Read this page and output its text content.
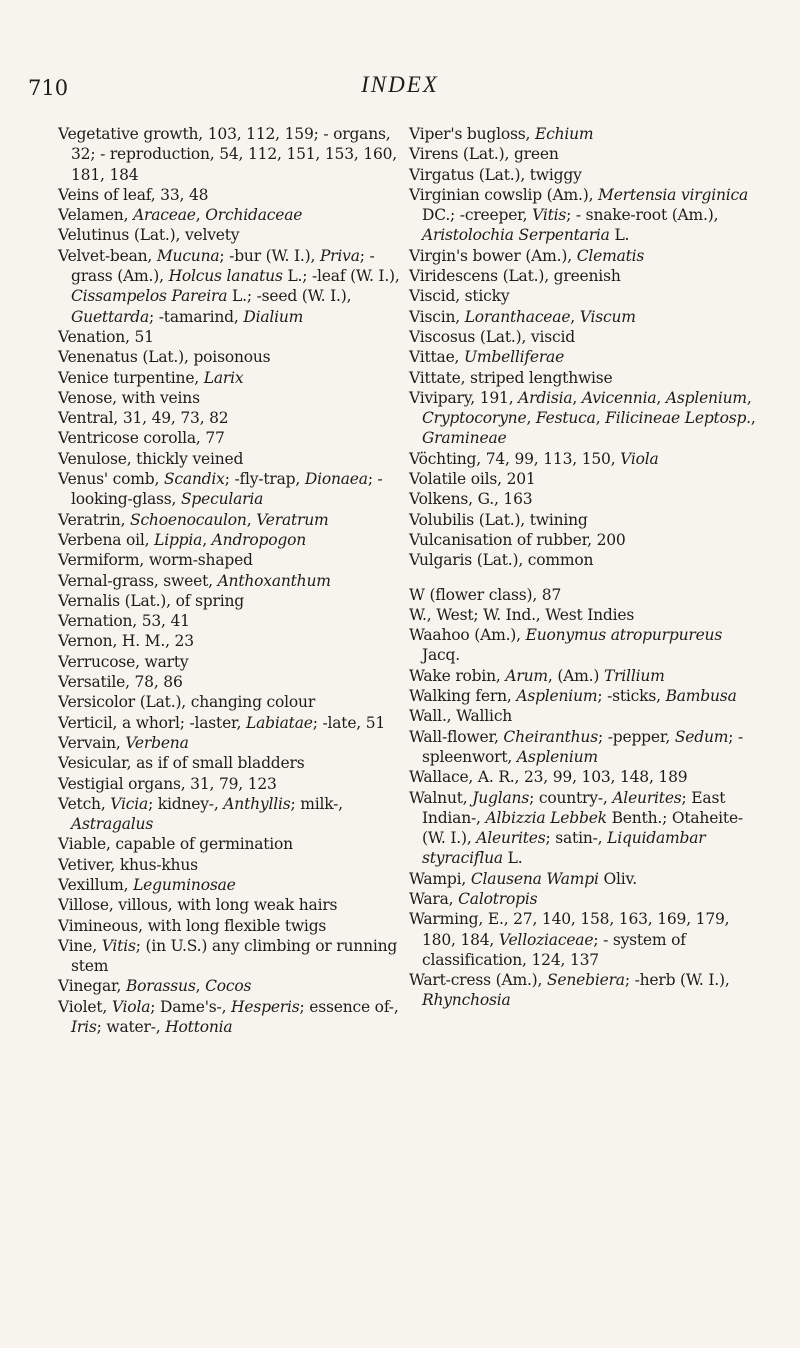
710	INDEX
Vegetative growth, 103, 112, 159; - organs, 32; - reproduction, 54, 112, 151, 153, 160, 181, 184
Veins of leaf, 33, 48
Velamen, Araceae, Orchidaceae
Velutinus (Lat.), velvety
Velvet-bean, Mucuna; -bur (W. I.), Priva; -grass (Am.), Holcus lanatus L.; -leaf (W. I.), Cissampelos Pareira L.; -seed (W. I.), Guettarda; -tamarind, Dialium
Venation, 51
Venenatus (Lat.), poisonous
Venice turpentine, Larix
Venose, with veins
Ventral, 31, 49, 73, 82
Ventricose corolla, 77
Venulose, thickly veined
Venus' comb, Scandix; -fly-trap, Dionaea; -looking-glass, Specularia
Veratrin, Schoenocaulon, Veratrum
Verbena oil, Lippia, Andropogon
Vermiform, worm-shaped
Vernal-grass, sweet, Anthoxanthum
Vernalis (Lat.), of spring
Vernation, 53, 41
Vernon, H. M., 23
Verrucose, warty
Versatile, 78, 86
Versicolor (Lat.), changing colour
Verticil, a whorl; -laster, Labiatae; -late, 51
Vervain, Verbena
Vesicular, as if of small bladders
Vestigial organs, 31, 79, 123
Vetch, Vicia; kidney-, Anthyllis; milk-, Astragalus
Viable, capable of germination
Vetiver, khus-khus
Vexillum, Leguminosae
Villose, villous, with long weak hairs
Vimineous, with long flexible twigs
Vine, Vitis; (in U.S.) any climbing or running stem
Vinegar, Borassus, Cocos
Violet, Viola; Dame's-, Hesperis; essence of-, Iris; water-, Hottonia
Viper's bugloss, Echium
Virens (Lat.), green
Virgatus (Lat.), twiggy
Virginian cowslip (Am.), Mertensia virginica DC.; -creeper, Vitis; - snake-root (Am.), Aristolochia Serpentaria L.
Virgin's bower (Am.), Clematis
Viridescens (Lat.), greenish
Viscid, sticky
Viscin, Loranthaceae, Viscum
Viscosus (Lat.), viscid
Vittae, Umbelliferae
Vittate, striped lengthwise
Vivipary, 191, Ardisia, Avicennia, Asplenium, Cryptocoryne, Festuca, Filicineae Leptosp., Gramineae
Vöchting, 74, 99, 113, 150, Viola
Volatile oils, 201
Volkens, G., 163
Volubilis (Lat.), twining
Vulcanisation of rubber, 200
Vulgaris (Lat.), common
W (flower class), 87
W., West; W. Ind., West Indies
Waahoo (Am.), Euonymus atropurpureus Jacq.
Wake robin, Arum, (Am.) Trillium
Walking fern, Asplenium; -sticks, Bambusa
Wall., Wallich
Wall-flower, Cheiranthus; -pepper, Sedum; -spleenwort, Asplenium
Wallace, A. R., 23, 99, 103, 148, 189
Walnut, Juglans; country-, Aleurites; East Indian-, Albizzia Lebbek Benth.; Otaheite- (W. I.), Aleurites; satin-, Liquidambar styraciflua L.
Wampi, Clausena Wampi Oliv.
Wara, Calotropis
Warming, E., 27, 140, 158, 163, 169, 179, 180, 184, Velloziaceae; - system of classification, 124, 137
Wart-cress (Am.), Senebiera; -herb (W. I.), Rhynchosia
